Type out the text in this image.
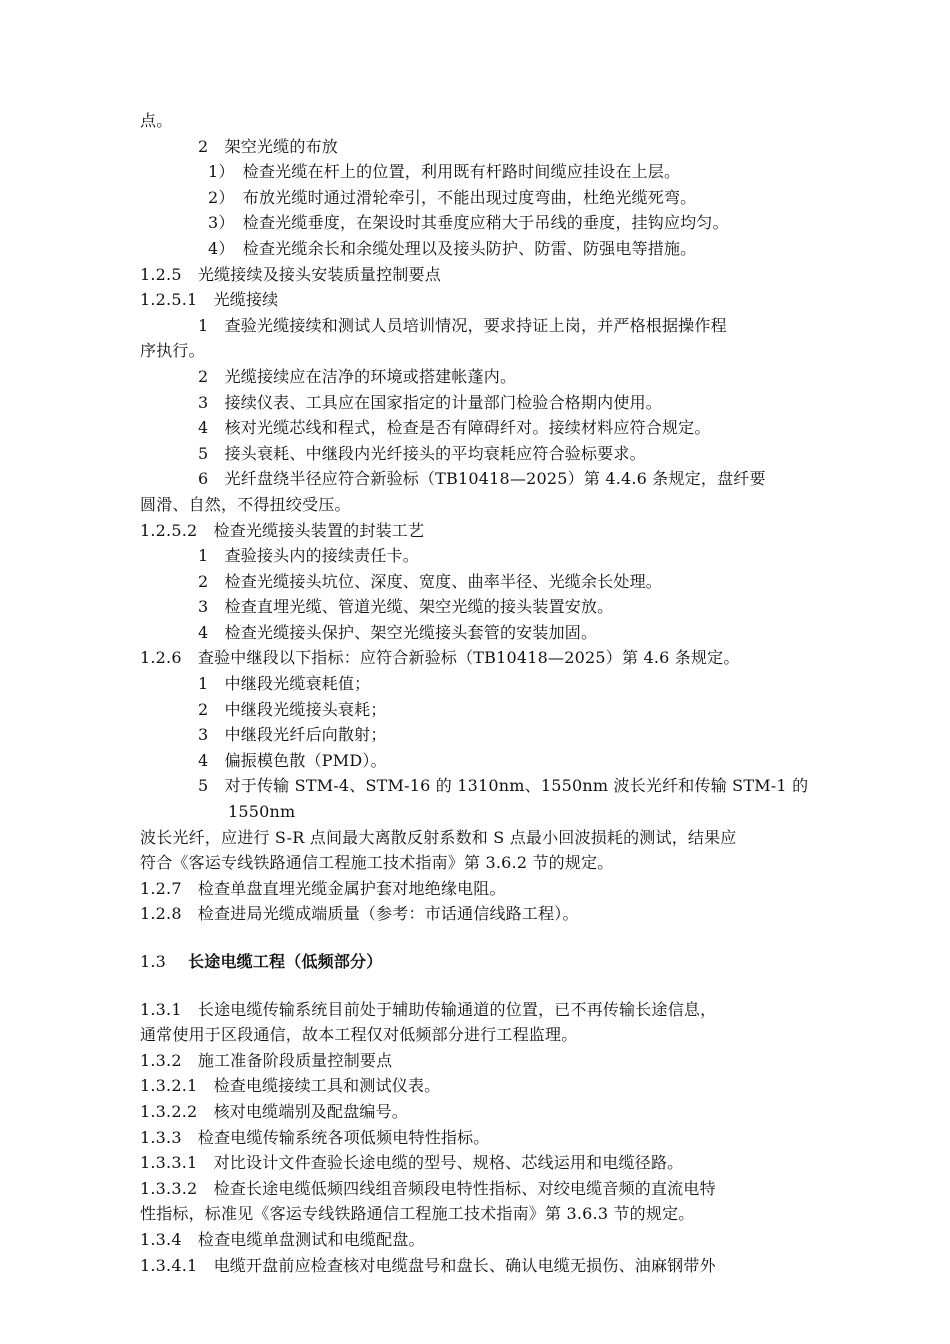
点。
2　架空光缆的布放
1）　检查光缆在杆上的位置，利用既有杆路时间缆应挂设在上层。
2）　布放光缆时通过滑轮牵引，不能出现过度弯曲，杜绝光缆死弯。
3）　检查光缆垂度，在架设时其垂度应稍大于吊线的垂度，挂钩应均匀。
4）　检查光缆余长和余缆处理以及接头防护、防雷、防强电等措施。
1.2.5　光缆接续及接头安装质量控制要点
1.2.5.1　光缆接续
1　查验光缆接续和测试人员培训情况，要求持证上岗，并严格根据操作程
序执行。
2　光缆接续应在洁净的环境或搭建帐蓬内。
3　接续仪表、工具应在国家指定的计量部门检验合格期内使用。
4　核对光缆芯线和程式，检查是否有障碍纤对。接续材料应符合规定。
5　接头衰耗、中继段内光纤接头的平均衰耗应符合验标要求。
6　光纤盘绕半径应符合新验标（TB10418—2025）第 4.4.6 条规定，盘纤要
圆滑、自然，不得扭绞受压。
1.2.5.2　检查光缆接头装置的封装工艺
1　查验接头内的接续责任卡。
2　检查光缆接头坑位、深度、宽度、曲率半径、光缆余长处理。
3　检查直埋光缆、管道光缆、架空光缆的接头装置安放。
4　检查光缆接头保护、架空光缆接头套管的安装加固。
1.2.6　查验中继段以下指标：应符合新验标（TB10418—2025）第 4.6 条规定。
1　中继段光缆衰耗值；
2　中继段光缆接头衰耗；
3　中继段光纤后向散射；
4　偏振模色散（PMD）。
5　对于传输 STM-4、STM-16 的 1310nm、1550nm 波长光纤和传输 STM-1 的
1550nm
波长光纤，应进行 S-R 点间最大离散反射系数和 S 点最小回波损耗的测试，结果应
符合《客运专线铁路通信工程施工技术指南》第 3.6.2 节的规定。
1.2.7　检查单盘直埋光缆金属护套对地绝缘电阻。
1.2.8　检查进局光缆成端质量（参考：市话通信线路工程）。
1.3 长途电缆工程（低频部分）
1.3.1　长途电缆传输系统目前处于辅助传输通道的位置，已不再传输长途信息，
通常使用于区段通信，故本工程仅对低频部分进行工程监理。
1.3.2　施工准备阶段质量控制要点
1.3.2.1　检查电缆接续工具和测试仪表。
1.3.2.2　核对电缆端别及配盘编号。
1.3.3　检查电缆传输系统各项低频电特性指标。
1.3.3.1　对比设计文件查验长途电缆的型号、规格、芯线运用和电缆径路。
1.3.3.2　检查长途电缆低频四线组音频段电特性指标、对绞电缆音频的直流电特
性指标，标准见《客运专线铁路通信工程施工技术指南》第 3.6.3 节的规定。
1.3.4　检查电缆单盘测试和电缆配盘。
1.3.4.1　电缆开盘前应检查核对电缆盘号和盘长、确认电缆无损伤、油麻钢带外
